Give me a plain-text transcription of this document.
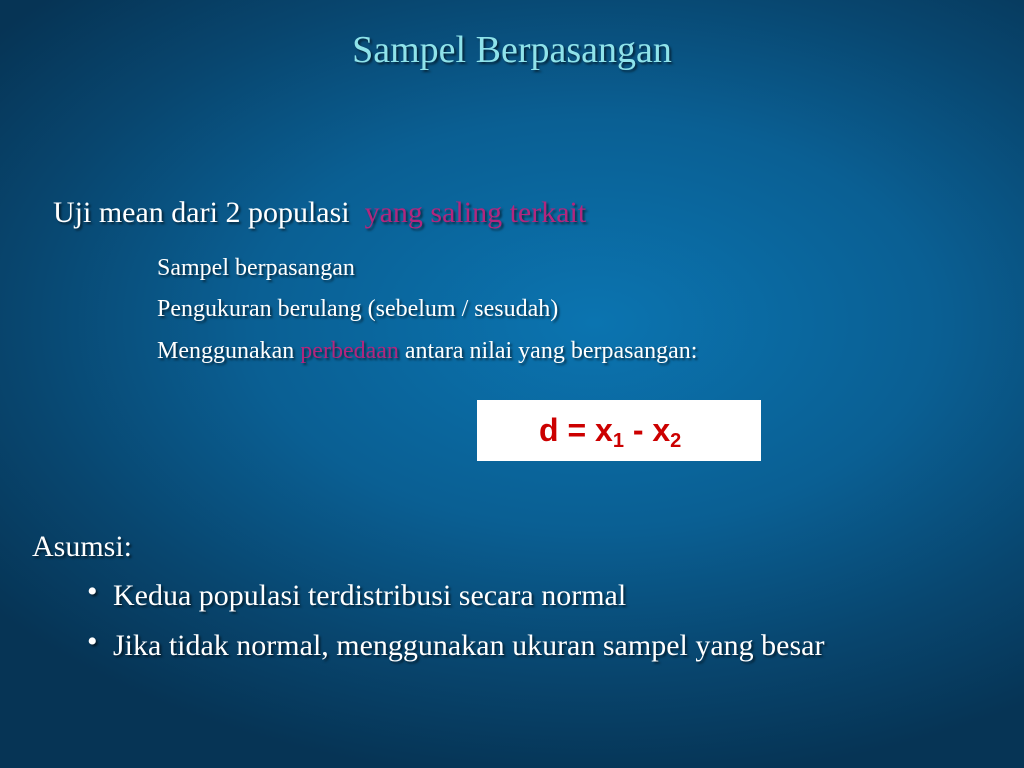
Sampel Berpasangan
Uji mean dari 2 populasi yang saling terkait
Sampel berpasangan
Pengukuran berulang (sebelum / sesudah)
Menggunakan perbedaan antara nilai yang berpasangan:
$d = x_1 - x_2$
Asumsi:
• Kedua populasi terdistribusi secara normal
• Jika tidak normal, menggunakan ukuran sampel yang besar
